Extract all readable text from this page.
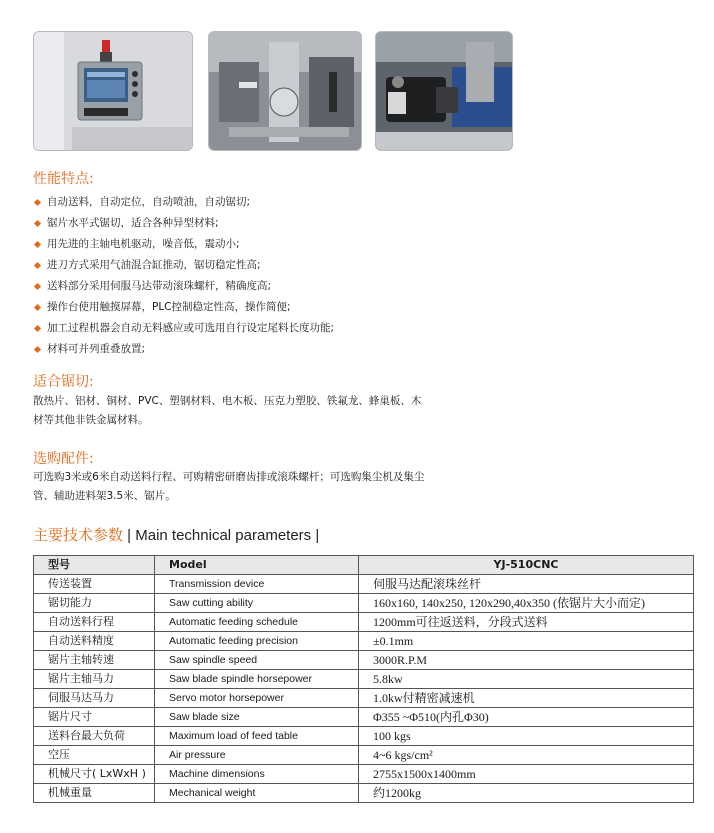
性能特点:
自动送料，自动定位，自动喷油，自动锯切;
锯片水平式锯切，适合各种异型材料;
用先进的主轴电机驱动，噪音低，震动小;
进刀方式采用气油混合缸推动，锯切稳定性高;
送料部分采用伺服马达带动滚珠螺杆，精确度高;
操作台使用触摸屏幕，PLC控制稳定性高，操作简便;
加工过程机器会自动无料感应或可选用自行设定尾料长度功能;
材料可并列重叠放置;
适合锯切:
散热片、铝材、铜材、PVC、塑钢材料、电木板、压克力塑胶、铁氟龙、蜂巢板、木
材等其他非铁金属材料。
选购配件:
可选购3米或6米自动送料行程、可购精密研磨齿排或滚珠螺杆；可选购集尘机及集尘
管、辅助进料架3.5米、锯片。
主要技术参数 | Main technical parameters |
型号	Model	YJ-510CNC
传送装置	Transmission device	伺服马达配滚珠丝杆
锯切能力	Saw cutting ability	160x160, 140x250, 120x290,40x350 (依锯片大小而定)
自动送料行程	Automatic feeding schedule	1200mm可往返送料，分段式送料
自动送料精度	Automatic feeding precision	±0.1mm
锯片主轴转速	Saw spindle speed	3000R.P.M
锯片主轴马力	Saw blade spindle horsepower	5.8kw
伺服马达马力	Servo motor horsepower	1.0kw付精密减速机
锯片尺寸	Saw blade size	Φ355 ~Φ510(内孔Φ30)
送料台最大负荷	Maximum load of feed table	100 kgs
空压	Air pressure	4~6 kgs/cm²
机械尺寸( LxWxH )	Machine dimensions	2755x1500x1400mm
机械重量	Mechanical weight	约1200kg
